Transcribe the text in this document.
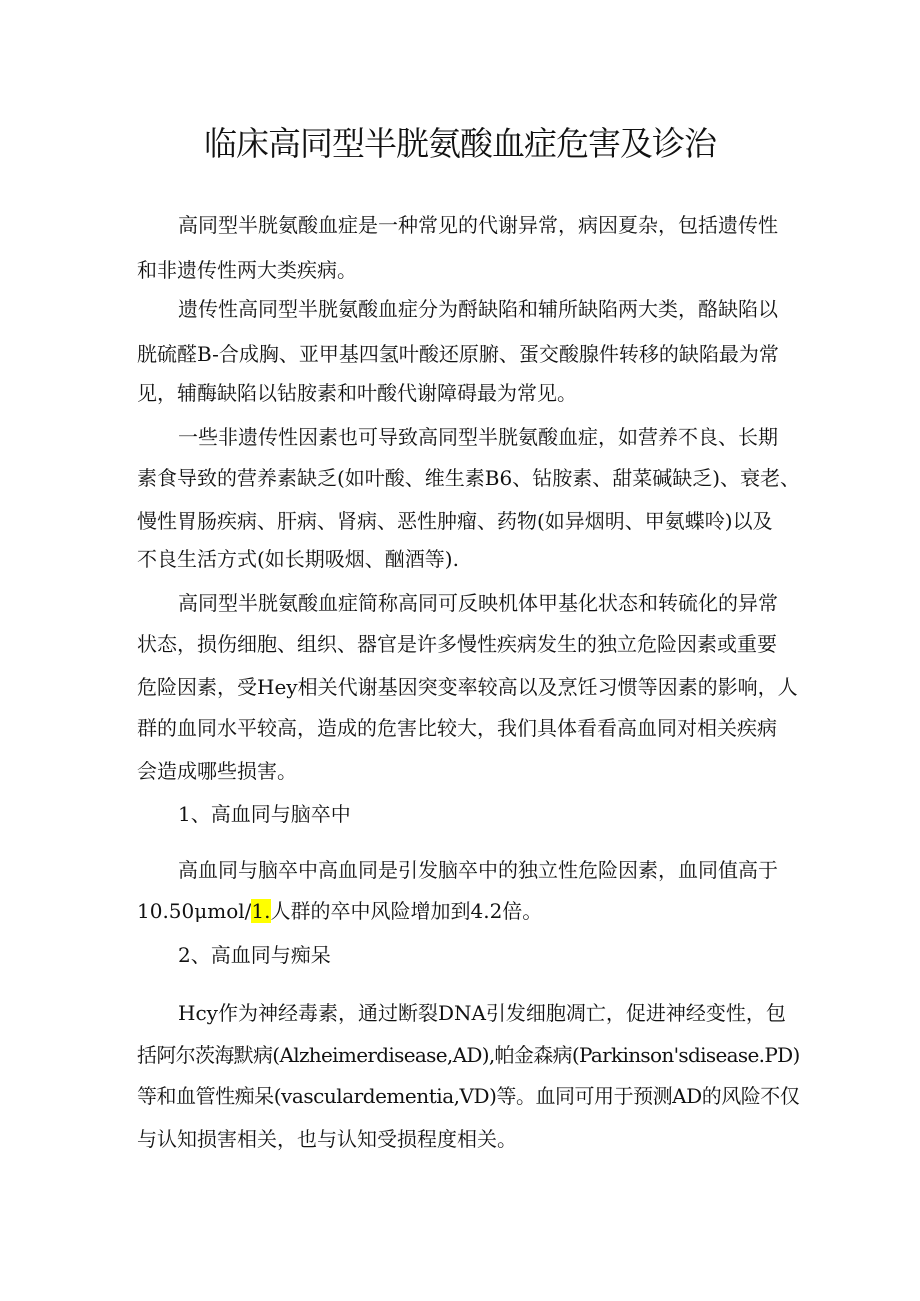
临床高同型半胱氨酸血症危害及诊治
高同型半胱氨酸血症是一种常见的代谢异常，病因夏杂，包括遗传性
和非遗传性两大类疾病。
遗传性高同型半胱氨酸血症分为酹缺陷和辅所缺陷两大类，酪缺陷以
胱硫醛B-合成胸、亚甲基四氢叶酸还原腑、蛋交酸腺件转移的缺陷最为常
见，辅酶缺陷以钻胺素和叶酸代谢障碍最为常见。
一些非遗传性因素也可导致高同型半胱氨酸血症，如营养不良、长期
素食导致的营养素缺乏(如叶酸、维生素B6、钻胺素、甜菜碱缺乏)、衰老、
慢性胃肠疾病、肝病、肾病、恶性肿瘤、药物(如异烟明、甲氨蝶呤)以及
不良生活方式(如长期吸烟、酗酒等).
高同型半胱氨酸血症简称高同可反映机体甲基化状态和转硫化的异常
状态，损伤细胞、组织、器官是许多慢性疾病发生的独立危险因素或重要
危险因素，受Hey相关代谢基因突变率较高以及烹饪习惯等因素的影响，人
群的血同水平较高，造成的危害比较大，我们具体看看高血同对相关疾病
会造成哪些损害。
1、高血同与脑卒中
高血同与脑卒中高血同是引发脑卒中的独立性危险因素，血同值高于
10.50μmol/1.人群的卒中风险增加到4.2倍。
2、高血同与痴呆
Hcy作为神经毒素，通过断裂DNA引发细胞凋亡，促进神经变性，包
括阿尔茨海默病(Alzheimerdisease,AD),帕金森病(Parkinson'sdisease.PD)
等和血管性痴呆(vasculardementia,VD)等。血同可用于预测AD的风险不仅
与认知损害相关，也与认知受损程度相关。
